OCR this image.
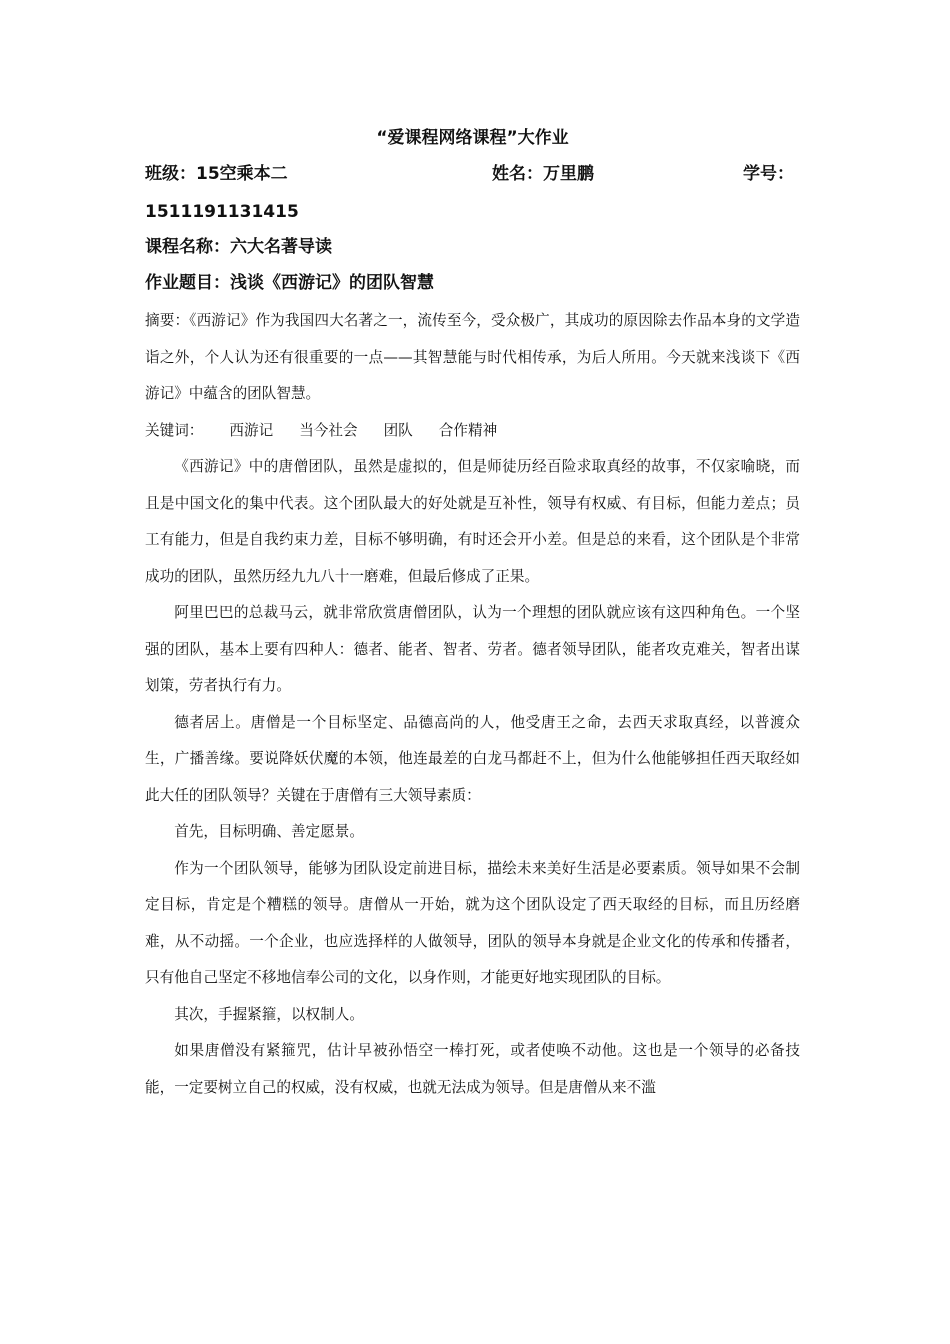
“爱课程网络课程”大作业
班级：15空乘本二	姓名：万里鹏	学号：
1511191131415
课程名称：六大名著导读
作业题目：浅谈《西游记》的团队智慧

摘要：《西游记》作为我国四大名著之一，流传至今，受众极广，其成功的原因除去作品本身的文学造诣之外，个人认为还有很重要的一点——其智慧能与时代相传承，为后人所用。今天就来浅谈下《西游记》中蕴含的团队智慧。

关键词： 西游记 当今社会 团队 合作精神

《西游记》中的唐僧团队，虽然是虚拟的，但是师徒历经百险求取真经的故事，不仅家喻晓，而且是中国文化的集中代表。这个团队最大的好处就是互补性，领导有权威、有目标，但能力差点；员工有能力，但是自我约束力差，目标不够明确，有时还会开小差。但是总的来看，这个团队是个非常成功的团队，虽然历经九九八十一磨难，但最后修成了正果。

阿里巴巴的总裁马云，就非常欣赏唐僧团队，认为一个理想的团队就应该有这四种角色。一个坚强的团队，基本上要有四种人：德者、能者、智者、劳者。德者领导团队，能者攻克难关，智者出谋划策，劳者执行有力。

德者居上。唐僧是一个目标坚定、品德高尚的人，他受唐王之命，去西天求取真经，以普渡众生，广播善缘。要说降妖伏魔的本领，他连最差的白龙马都赶不上，但为什么他能够担任西天取经如此大任的团队领导？关键在于唐僧有三大领导素质：

首先，目标明确、善定愿景。

作为一个团队领导，能够为团队设定前进目标，描绘未来美好生活是必要素质。领导如果不会制定目标，肯定是个糟糕的领导。唐僧从一开始，就为这个团队设定了西天取经的目标，而且历经磨难，从不动摇。一个企业，也应选择样的人做领导，团队的领导本身就是企业文化的传承和传播者，只有他自己坚定不移地信奉公司的文化，以身作则，才能更好地实现团队的目标。

其次，手握紧箍，以权制人。

如果唐僧没有紧箍咒，估计早被孙悟空一棒打死，或者使唤不动他。这也是一个领导的必备技能，一定要树立自己的权威，没有权威，也就无法成为领导。但是唐僧从来不滥
